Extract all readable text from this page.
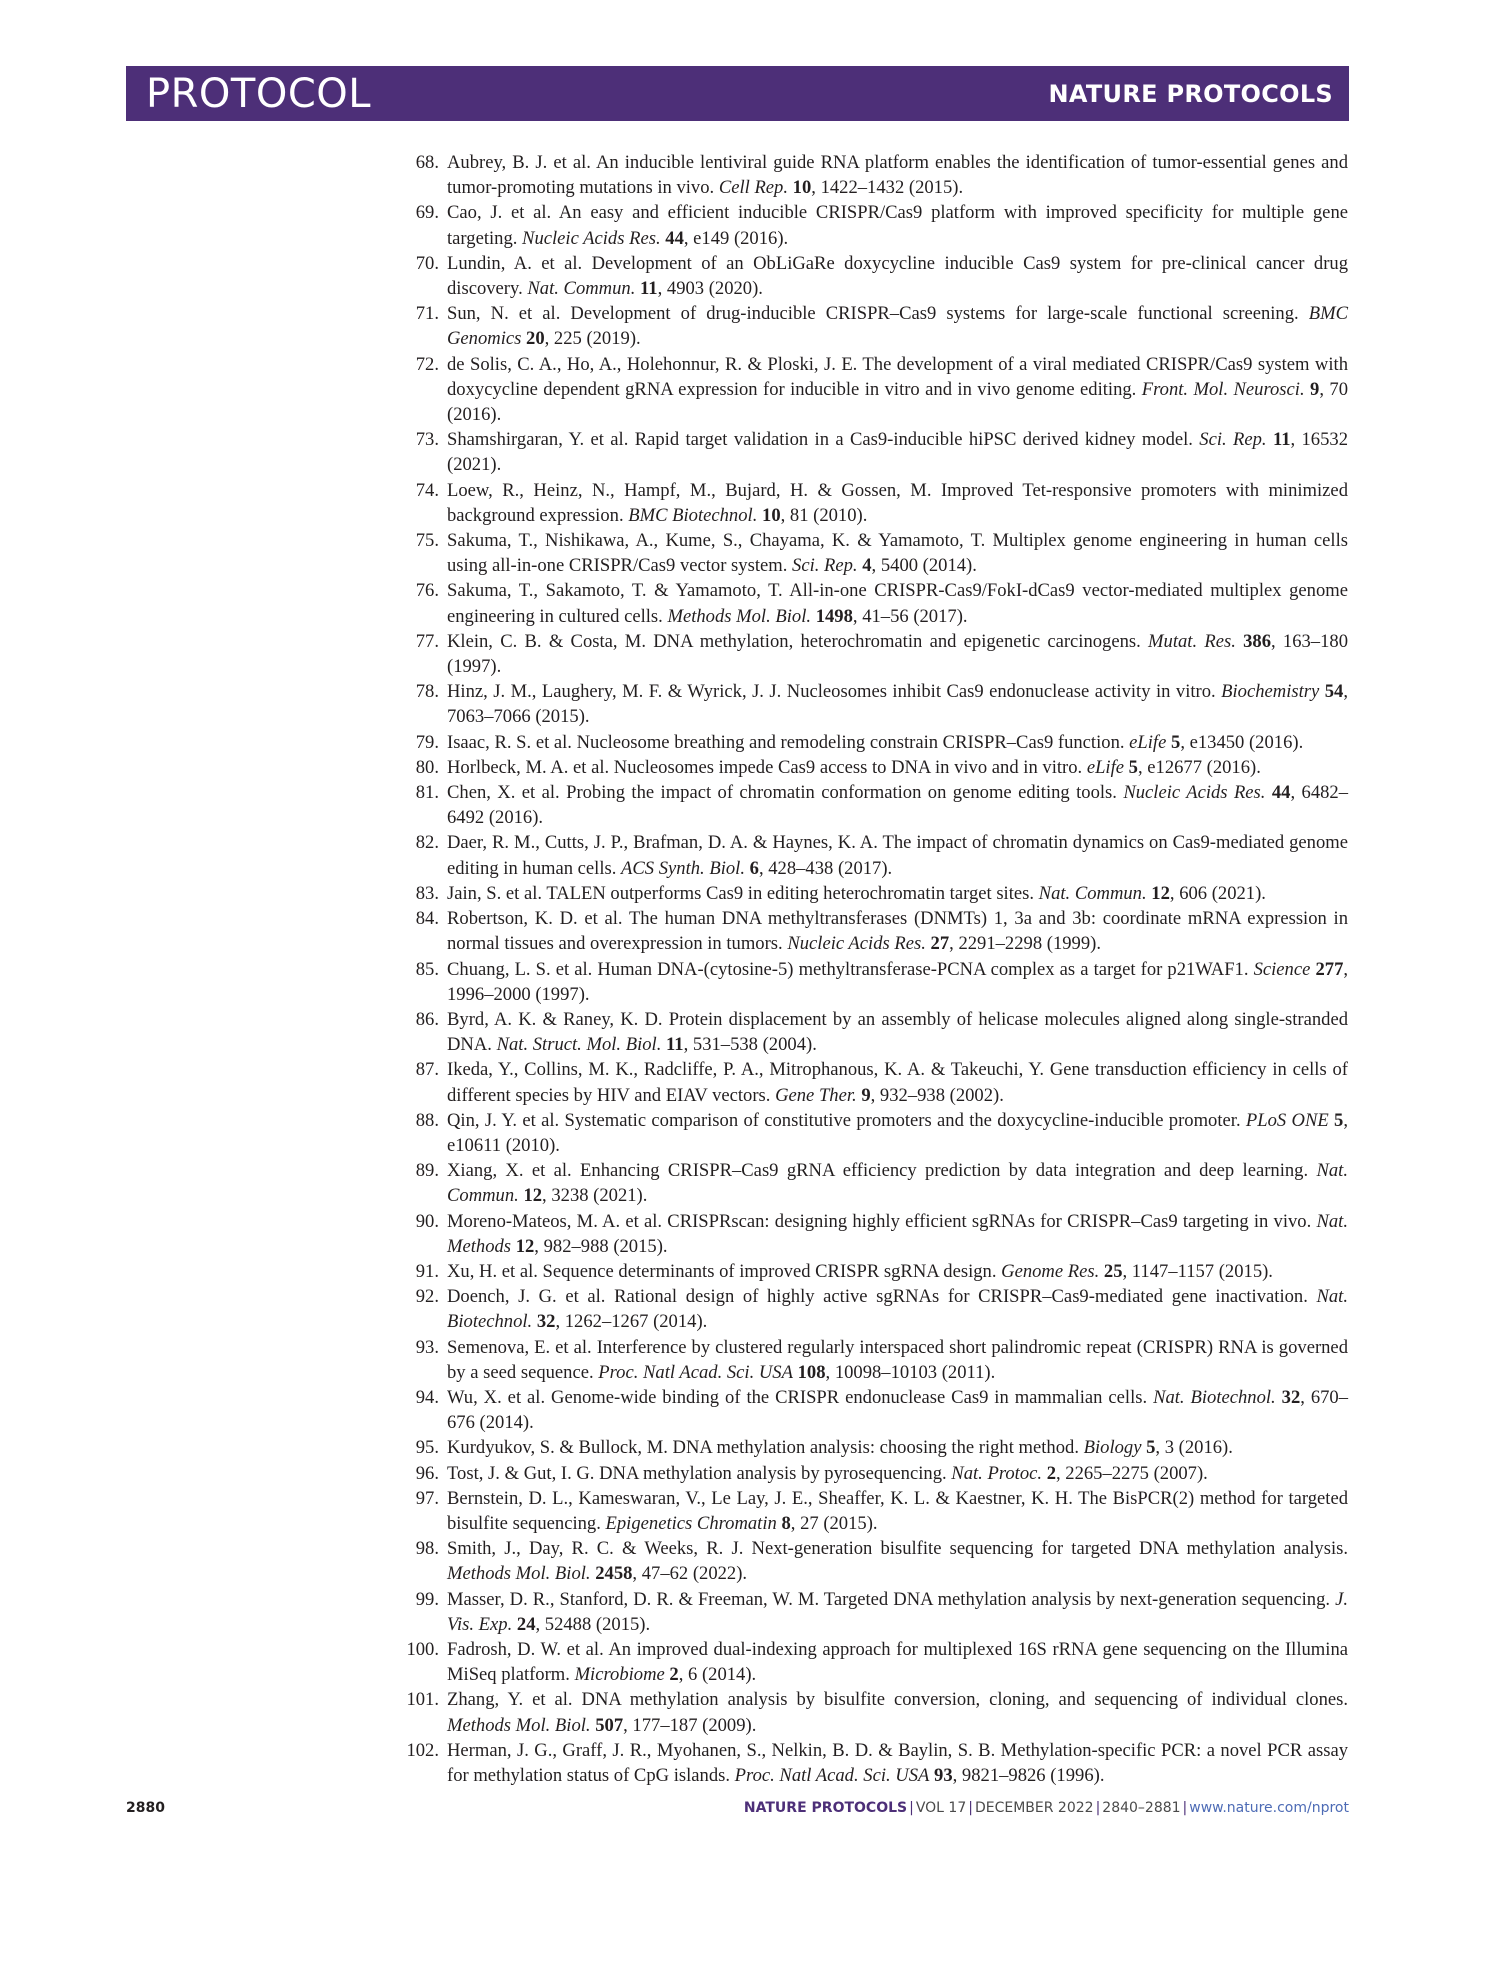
PROTOCOL	NATURE PROTOCOLS
68. Aubrey, B. J. et al. An inducible lentiviral guide RNA platform enables the identification of tumor-essential genes and tumor-promoting mutations in vivo. Cell Rep. 10, 1422–1432 (2015).
69. Cao, J. et al. An easy and efficient inducible CRISPR/Cas9 platform with improved specificity for multiple gene targeting. Nucleic Acids Res. 44, e149 (2016).
70. Lundin, A. et al. Development of an ObLiGaRe doxycycline inducible Cas9 system for pre-clinical cancer drug discovery. Nat. Commun. 11, 4903 (2020).
71. Sun, N. et al. Development of drug-inducible CRISPR–Cas9 systems for large-scale functional screening. BMC Genomics 20, 225 (2019).
72. de Solis, C. A., Ho, A., Holehonnur, R. & Ploski, J. E. The development of a viral mediated CRISPR/Cas9 system with doxycycline dependent gRNA expression for inducible in vitro and in vivo genome editing. Front. Mol. Neurosci. 9, 70 (2016).
73. Shamshirgaran, Y. et al. Rapid target validation in a Cas9-inducible hiPSC derived kidney model. Sci. Rep. 11, 16532 (2021).
74. Loew, R., Heinz, N., Hampf, M., Bujard, H. & Gossen, M. Improved Tet-responsive promoters with minimized background expression. BMC Biotechnol. 10, 81 (2010).
75. Sakuma, T., Nishikawa, A., Kume, S., Chayama, K. & Yamamoto, T. Multiplex genome engineering in human cells using all-in-one CRISPR/Cas9 vector system. Sci. Rep. 4, 5400 (2014).
76. Sakuma, T., Sakamoto, T. & Yamamoto, T. All-in-one CRISPR-Cas9/FokI-dCas9 vector-mediated multiplex genome engineering in cultured cells. Methods Mol. Biol. 1498, 41–56 (2017).
77. Klein, C. B. & Costa, M. DNA methylation, heterochromatin and epigenetic carcinogens. Mutat. Res. 386, 163–180 (1997).
78. Hinz, J. M., Laughery, M. F. & Wyrick, J. J. Nucleosomes inhibit Cas9 endonuclease activity in vitro. Biochemistry 54, 7063–7066 (2015).
79. Isaac, R. S. et al. Nucleosome breathing and remodeling constrain CRISPR–Cas9 function. eLife 5, e13450 (2016).
80. Horlbeck, M. A. et al. Nucleosomes impede Cas9 access to DNA in vivo and in vitro. eLife 5, e12677 (2016).
81. Chen, X. et al. Probing the impact of chromatin conformation on genome editing tools. Nucleic Acids Res. 44, 6482–6492 (2016).
82. Daer, R. M., Cutts, J. P., Brafman, D. A. & Haynes, K. A. The impact of chromatin dynamics on Cas9-mediated genome editing in human cells. ACS Synth. Biol. 6, 428–438 (2017).
83. Jain, S. et al. TALEN outperforms Cas9 in editing heterochromatin target sites. Nat. Commun. 12, 606 (2021).
84. Robertson, K. D. et al. The human DNA methyltransferases (DNMTs) 1, 3a and 3b: coordinate mRNA expression in normal tissues and overexpression in tumors. Nucleic Acids Res. 27, 2291–2298 (1999).
85. Chuang, L. S. et al. Human DNA-(cytosine-5) methyltransferase-PCNA complex as a target for p21WAF1. Science 277, 1996–2000 (1997).
86. Byrd, A. K. & Raney, K. D. Protein displacement by an assembly of helicase molecules aligned along single-stranded DNA. Nat. Struct. Mol. Biol. 11, 531–538 (2004).
87. Ikeda, Y., Collins, M. K., Radcliffe, P. A., Mitrophanous, K. A. & Takeuchi, Y. Gene transduction efficiency in cells of different species by HIV and EIAV vectors. Gene Ther. 9, 932–938 (2002).
88. Qin, J. Y. et al. Systematic comparison of constitutive promoters and the doxycycline-inducible promoter. PLoS ONE 5, e10611 (2010).
89. Xiang, X. et al. Enhancing CRISPR–Cas9 gRNA efficiency prediction by data integration and deep learning. Nat. Commun. 12, 3238 (2021).
90. Moreno-Mateos, M. A. et al. CRISPRscan: designing highly efficient sgRNAs for CRISPR–Cas9 targeting in vivo. Nat. Methods 12, 982–988 (2015).
91. Xu, H. et al. Sequence determinants of improved CRISPR sgRNA design. Genome Res. 25, 1147–1157 (2015).
92. Doench, J. G. et al. Rational design of highly active sgRNAs for CRISPR–Cas9-mediated gene inactivation. Nat. Biotechnol. 32, 1262–1267 (2014).
93. Semenova, E. et al. Interference by clustered regularly interspaced short palindromic repeat (CRISPR) RNA is governed by a seed sequence. Proc. Natl Acad. Sci. USA 108, 10098–10103 (2011).
94. Wu, X. et al. Genome-wide binding of the CRISPR endonuclease Cas9 in mammalian cells. Nat. Biotechnol. 32, 670–676 (2014).
95. Kurdyukov, S. & Bullock, M. DNA methylation analysis: choosing the right method. Biology 5, 3 (2016).
96. Tost, J. & Gut, I. G. DNA methylation analysis by pyrosequencing. Nat. Protoc. 2, 2265–2275 (2007).
97. Bernstein, D. L., Kameswaran, V., Le Lay, J. E., Sheaffer, K. L. & Kaestner, K. H. The BisPCR(2) method for targeted bisulfite sequencing. Epigenetics Chromatin 8, 27 (2015).
98. Smith, J., Day, R. C. & Weeks, R. J. Next-generation bisulfite sequencing for targeted DNA methylation analysis. Methods Mol. Biol. 2458, 47–62 (2022).
99. Masser, D. R., Stanford, D. R. & Freeman, W. M. Targeted DNA methylation analysis by next-generation sequencing. J. Vis. Exp. 24, 52488 (2015).
100. Fadrosh, D. W. et al. An improved dual-indexing approach for multiplexed 16S rRNA gene sequencing on the Illumina MiSeq platform. Microbiome 2, 6 (2014).
101. Zhang, Y. et al. DNA methylation analysis by bisulfite conversion, cloning, and sequencing of individual clones. Methods Mol. Biol. 507, 177–187 (2009).
102. Herman, J. G., Graff, J. R., Myohanen, S., Nelkin, B. D. & Baylin, S. B. Methylation-specific PCR: a novel PCR assay for methylation status of CpG islands. Proc. Natl Acad. Sci. USA 93, 9821–9826 (1996).
2880	NATURE PROTOCOLS | VOL 17 | DECEMBER 2022 | 2840–2881 | www.nature.com/nprot
